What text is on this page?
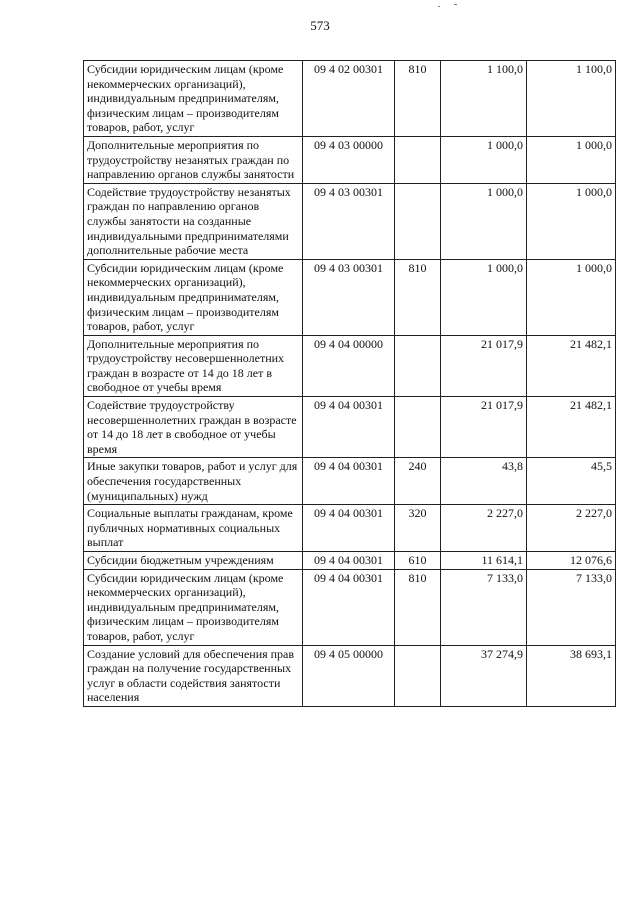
573
Субсидии юридическим лицам (кроме некоммерческих организаций), индивидуальным предпринимателям, физическим лицам – производителям товаров, работ, услуг	09 4 02 00301	810	1 100,0	1 100,0
Дополнительные мероприятия по трудоустройству незанятых граждан по направлению органов службы занятости	09 4 03 00000		1 000,0	1 000,0
Содействие трудоустройству незанятых граждан по направлению органов службы занятости на созданные индивидуальными предпринимателями дополнительные рабочие места	09 4 03 00301		1 000,0	1 000,0
Субсидии юридическим лицам (кроме некоммерческих организаций), индивидуальным предпринимателям, физическим лицам – производителям товаров, работ, услуг	09 4 03 00301	810	1 000,0	1 000,0
Дополнительные мероприятия по трудоустройству несовершеннолетних граждан в возрасте от 14 до 18 лет в свободное от учебы время	09 4 04 00000		21 017,9	21 482,1
Содействие трудоустройству несовершеннолетних граждан в возрасте от 14 до 18 лет в свободное от учебы время	09 4 04 00301		21 017,9	21 482,1
Иные закупки товаров, работ и услуг для обеспечения государственных (муниципальных) нужд	09 4 04 00301	240	43,8	45,5
Социальные выплаты гражданам, кроме публичных нормативных социальных выплат	09 4 04 00301	320	2 227,0	2 227,0
Субсидии бюджетным учреждениям	09 4 04 00301	610	11 614,1	12 076,6
Субсидии юридическим лицам (кроме некоммерческих организаций), индивидуальным предпринимателям, физическим лицам – производителям товаров, работ, услуг	09 4 04 00301	810	7 133,0	7 133,0
Создание условий для обеспечения прав граждан на получение государственных услуг в области содействия занятости населения	09 4 05 00000		37 274,9	38 693,1
